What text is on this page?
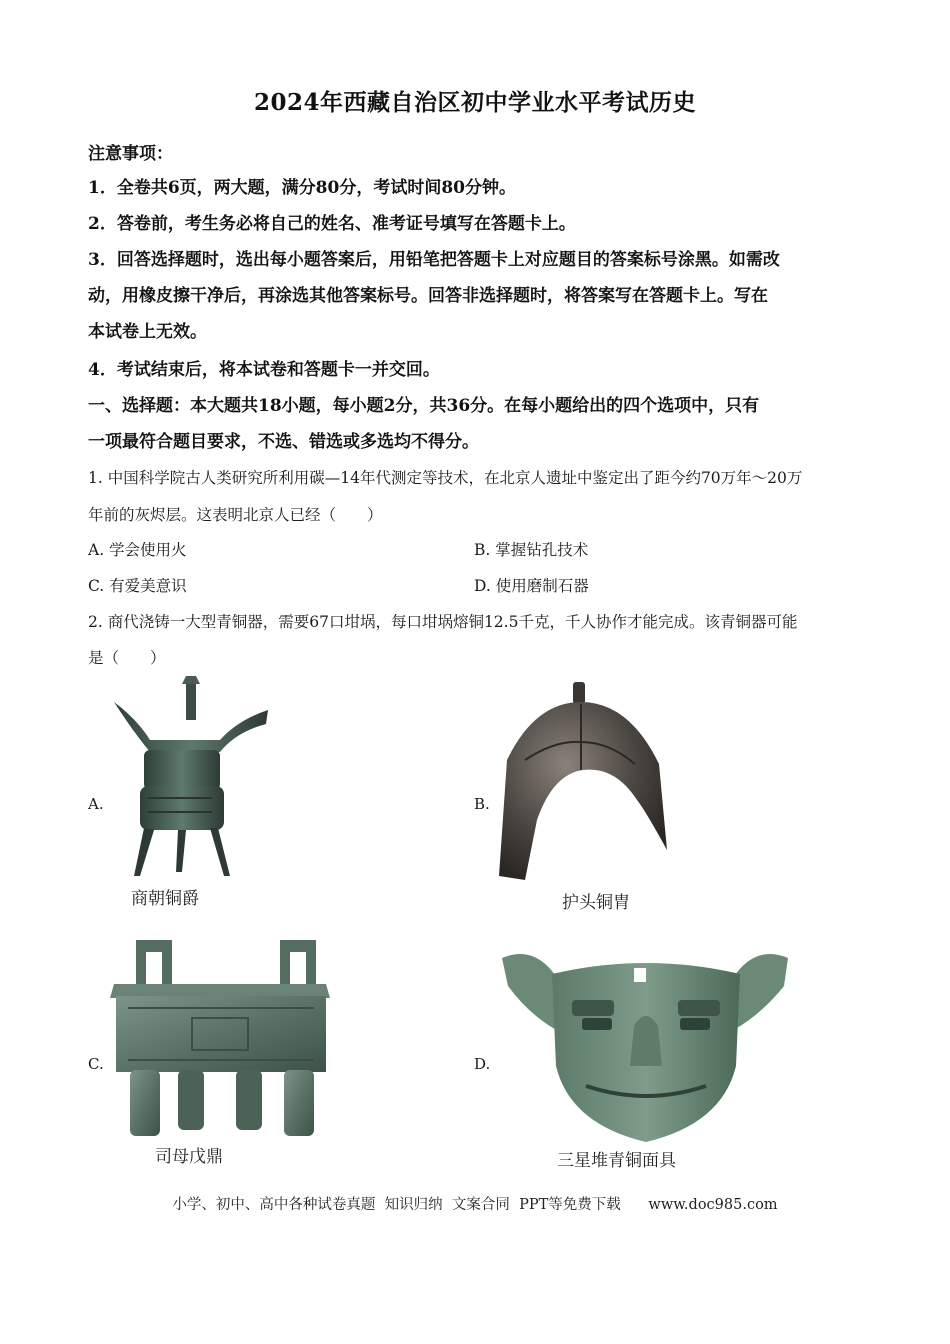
2024年西藏自治区初中学业水平考试历史
注意事项：
1．全卷共6页，两大题，满分80分，考试时间80分钟。
2．答卷前，考生务必将自己的姓名、准考证号填写在答题卡上。
3．回答选择题时，选出每小题答案后，用铅笔把答题卡上对应题目的答案标号涂黑。如需改
动，用橡皮擦干净后，再涂选其他答案标号。回答非选择题时，将答案写在答题卡上。写在
本试卷上无效。
4．考试结束后，将本试卷和答题卡一并交回。
一、选择题：本大题共18小题，每小题2分，共36分。在每小题给出的四个选项中，只有
一项最符合题目要求，不选、错选或多选均不得分。
1. 中国科学院古人类研究所利用碳—14年代测定等技术，在北京人遗址中鉴定出了距今约70万年～20万
年前的灰烬层。这表明北京人已经（　　）
A. 学会使用火	B. 掌握钻孔技术
C. 有爱美意识	D. 使用磨制石器
2. 商代浇铸一大型青铜器，需要67口坩埚，每口坩埚熔铜12.5千克，千人协作才能完成。该青铜器可能
是（　　）
A.
商朝铜爵
B.
护头铜胄
C.
司母戊鼎
D.
三星堆青铜面具
小学、初中、高中各种试卷真题  知识归纳  文案合同  PPT等免费下载      www.doc985.com
